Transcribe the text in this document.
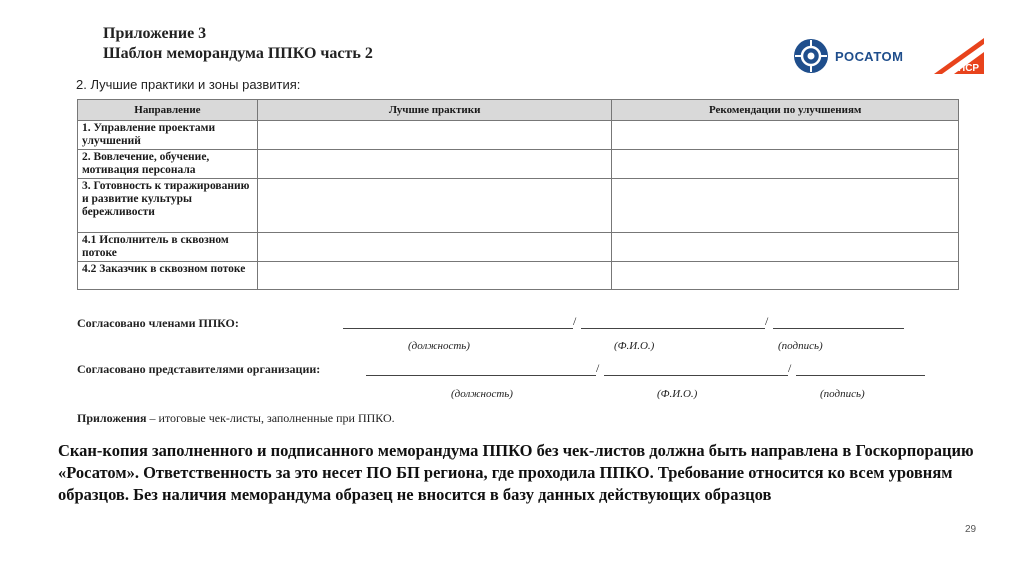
Приложение 3
Шаблон меморандума ППКО часть 2	РОСАТОМ
ПСР
2. Лучшие практики и зоны развития:
Направление	Лучшие практики	Рекомендации по улучшениям
1. Управление проектами улучшений		
2. Вовлечение, обучение, мотивация персонала		
3. Готовность к тиражированию и развитие культуры бережливости		
4.1 Исполнитель в сквозном потоке		
4.2 Заказчик в сквозном потоке		
Согласовано членами ППКО:	/	/
(должность)	(Ф.И.О.)	(подпись)
Согласовано представителями организации:	/	/
(должность)	(Ф.И.О.)	(подпись)
Приложения – итоговые чек-листы, заполненные при ППКО.
Скан-копия заполненного и подписанного меморандума ППКО без чек-листов должна быть направлена в Госкорпорацию «Росатом». Ответственность за это несет ПО БП региона, где проходила ППКО. Требование относится ко всем уровням образцов. Без наличия меморандума образец не вносится в базу данных действующих образцов
29
